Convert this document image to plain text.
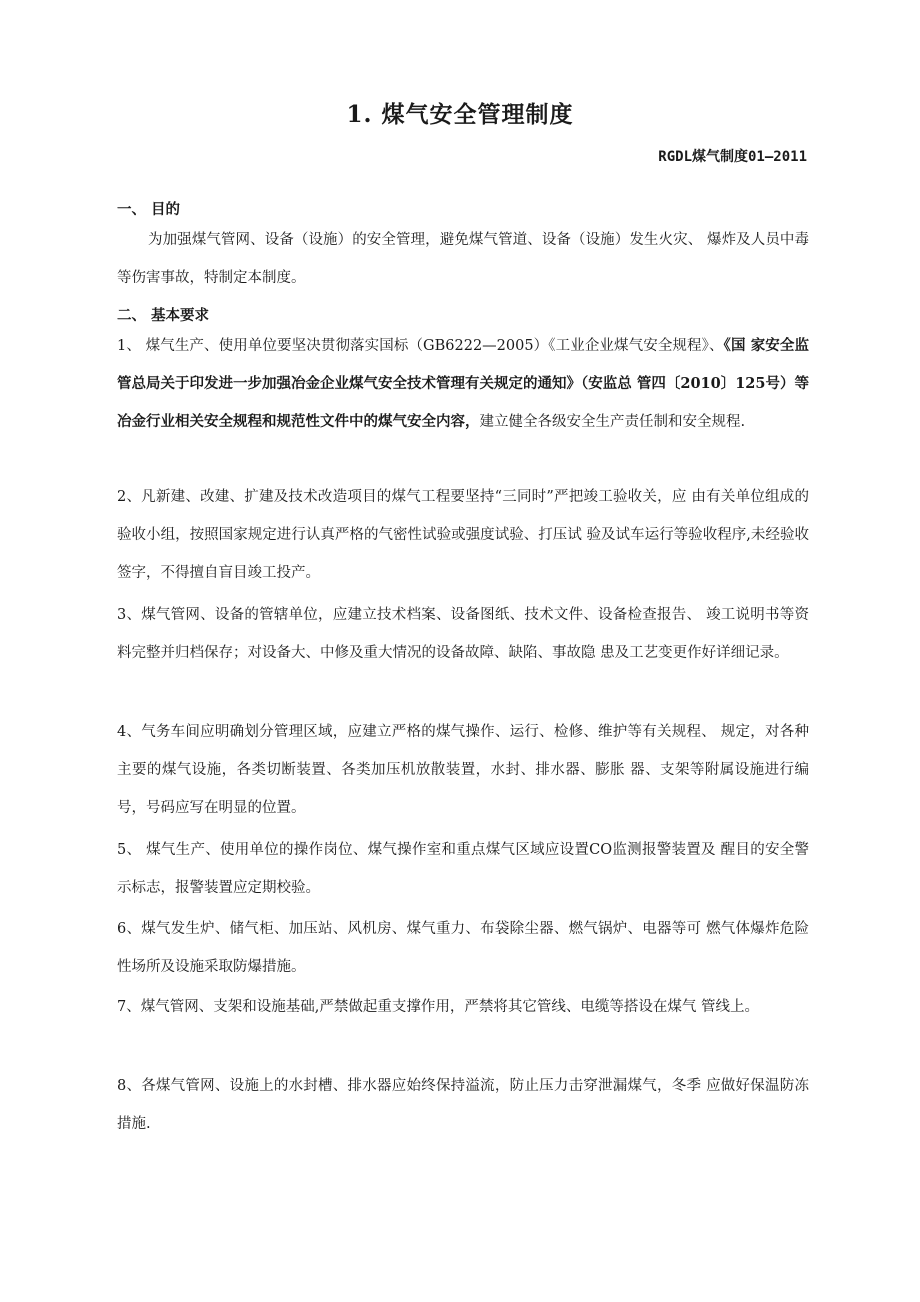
1. 煤气安全管理制度
RGDL煤气制度01—2011
一、 目的
为加强煤气管网、设备（设施）的安全管理，避免煤气管道、设备（设施）发生火灾、 爆炸及人员中毒等伤害事故，特制定本制度。
二、 基本要求
1、 煤气生产、使用单位要坚决贯彻落实国标（GB6222—2005）《工业企业煤气安全规程》、《国 家安全监管总局关于印发进一步加强冶金企业煤气安全技术管理有关规定的通知》（安监总 管四〔2010〕125号）等冶金行业相关安全规程和规范性文件中的煤气安全内容，建立健全各级安全生产责任制和安全规程.
2、凡新建、改建、扩建及技术改造项目的煤气工程要坚持“三同时”严把竣工验收关，应 由有关单位组成的验收小组，按照国家规定进行认真严格的气密性试验或强度试验、打压试 验及试车运行等验收程序,未经验收签字，不得擅自盲目竣工投产。
3、煤气管网、设备的管辖单位，应建立技术档案、设备图纸、技术文件、设备检查报告、 竣工说明书等资料完整并归档保存；对设备大、中修及重大情况的设备故障、缺陷、事故隐 患及工艺变更作好详细记录。
4、气务车间应明确划分管理区域，应建立严格的煤气操作、运行、检修、维护等有关规程、 规定，对各种主要的煤气设施，各类切断装置、各类加压机放散装置，水封、排水器、膨胀 器、支架等附属设施进行编号，号码应写在明显的位置。
5、 煤气生产、使用单位的操作岗位、煤气操作室和重点煤气区域应设置CO监测报警装置及 醒目的安全警示标志，报警装置应定期校验。
6、煤气发生炉、储气柜、加压站、风机房、煤气重力、布袋除尘器、燃气锅炉、电器等可 燃气体爆炸危险性场所及设施采取防爆措施。
7、煤气管网、支架和设施基础,严禁做起重支撑作用，严禁将其它管线、电缆等搭设在煤气 管线上。
8、各煤气管网、设施上的水封槽、排水器应始终保持溢流，防止压力击穿泄漏煤气，冬季 应做好保温防冻措施.
